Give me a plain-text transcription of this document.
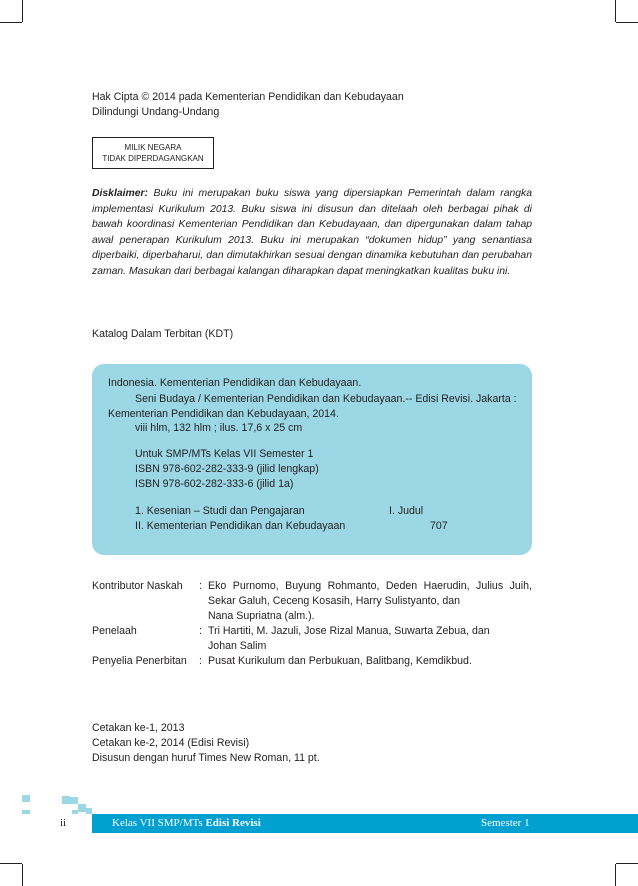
Hak Cipta © 2014 pada Kementerian Pendidikan dan Kebudayaan
Dilindungi Undang-Undang
MILIK NEGARA
TIDAK DIPERDAGANGKAN

Disklaimer: Buku ini merupakan buku siswa yang dipersiapkan Pemerintah dalam rangka implementasi Kurikulum 2013. Buku siswa ini disusun dan ditelaah oleh berbagai pihak di bawah koordinasi Kementerian Pendidikan dan Kebudayaan, dan dipergunakan dalam tahap awal penerapan Kurikulum 2013. Buku ini merupakan “dokumen hidup” yang senantiasa diperbaiki, diperbaharui, dan dimutakhirkan sesuai dengan dinamika kebutuhan dan perubahan zaman. Masukan dari berbagai kalangan diharapkan dapat meningkatkan kualitas buku ini.

Katalog Dalam Terbitan (KDT)
Indonesia. Kementerian Pendidikan dan Kebudayaan.
Seni Budaya / Kementerian Pendidikan dan Kebudayaan.-- Edisi Revisi. Jakarta :
Kementerian Pendidikan dan Kebudayaan, 2014.
viii hlm, 132 hlm ; ilus. 17,6 x 25 cm
Untuk SMP/MTs Kelas VII Semester 1
ISBN 978-602-282-333-9 (jilid lengkap)
ISBN 978-602-282-333-6 (jilid 1a)
1. Kesenian – Studi dan Pengajaran	I. Judul
II. Kementerian Pendidikan dan Kebudayaan	707
Kontributor Naskah : Eko Purnomo, Buyung Rohmanto, Deden Haerudin, Julius Juih,
Sekar Galuh, Ceceng Kosasih, Harry Sulistyanto, dan
Nana Supriatna (alm.).
Penelaah	: Tri Hartiti, M. Jazuli, Jose Rizal Manua, Suwarta Zebua, dan
Johan Salim
Penyelia Penerbitan : Pusat Kurikulum dan Perbukuan, Balitbang, Kemdikbud.
Cetakan ke-1, 2013
Cetakan ke-2, 2014 (Edisi Revisi)
Disusun dengan huruf Times New Roman, 11 pt.
ii	Kelas VII SMP/MTs Edisi Revisi	Semester 1
